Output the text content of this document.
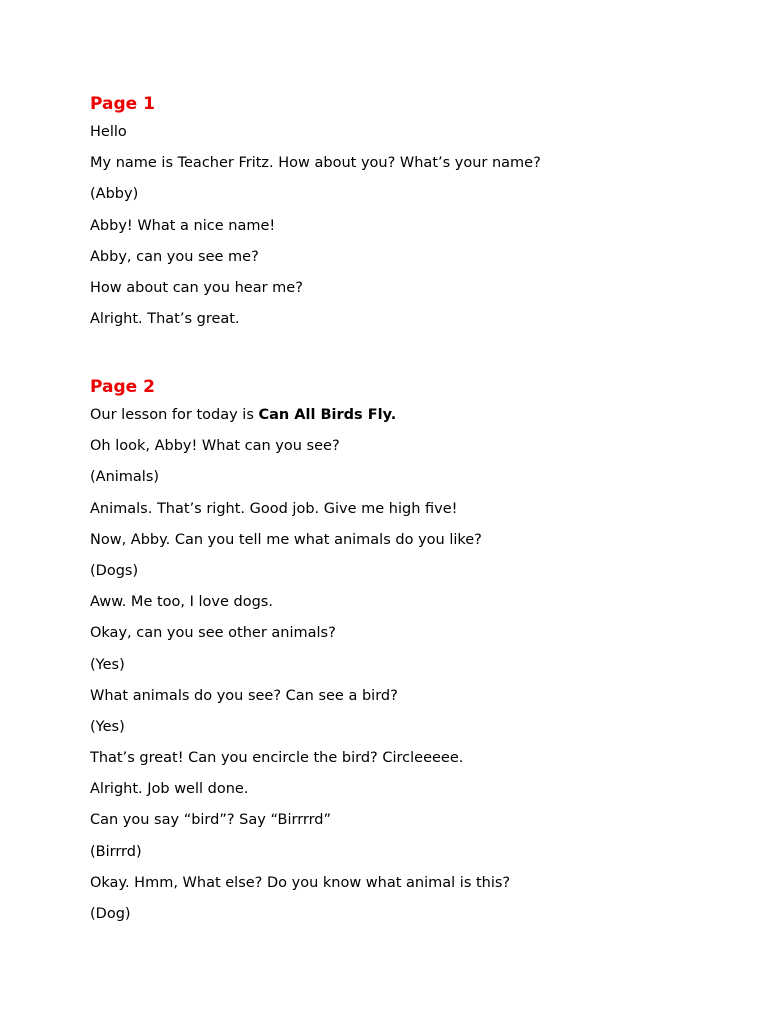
Page 1
Hello
My name is Teacher Fritz. How about you? What’s your name?
(Abby)
Abby! What a nice name!
Abby, can you see me?
How about can you hear me?
Alright. That’s great.
Page 2
Our lesson for today is Can All Birds Fly.
Oh look, Abby! What can you see?
(Animals)
Animals. That’s right. Good job. Give me high five!
Now, Abby. Can you tell me what animals do you like?
(Dogs)
Aww. Me too, I love dogs.
Okay, can you see other animals?
(Yes)
What animals do you see? Can see a bird?
(Yes)
That’s great! Can you encircle the bird? Circleeeee.
Alright. Job well done.
Can you say “bird”? Say “Birrrrd”
(Birrrd)
Okay. Hmm, What else? Do you know what animal is this?
(Dog)
